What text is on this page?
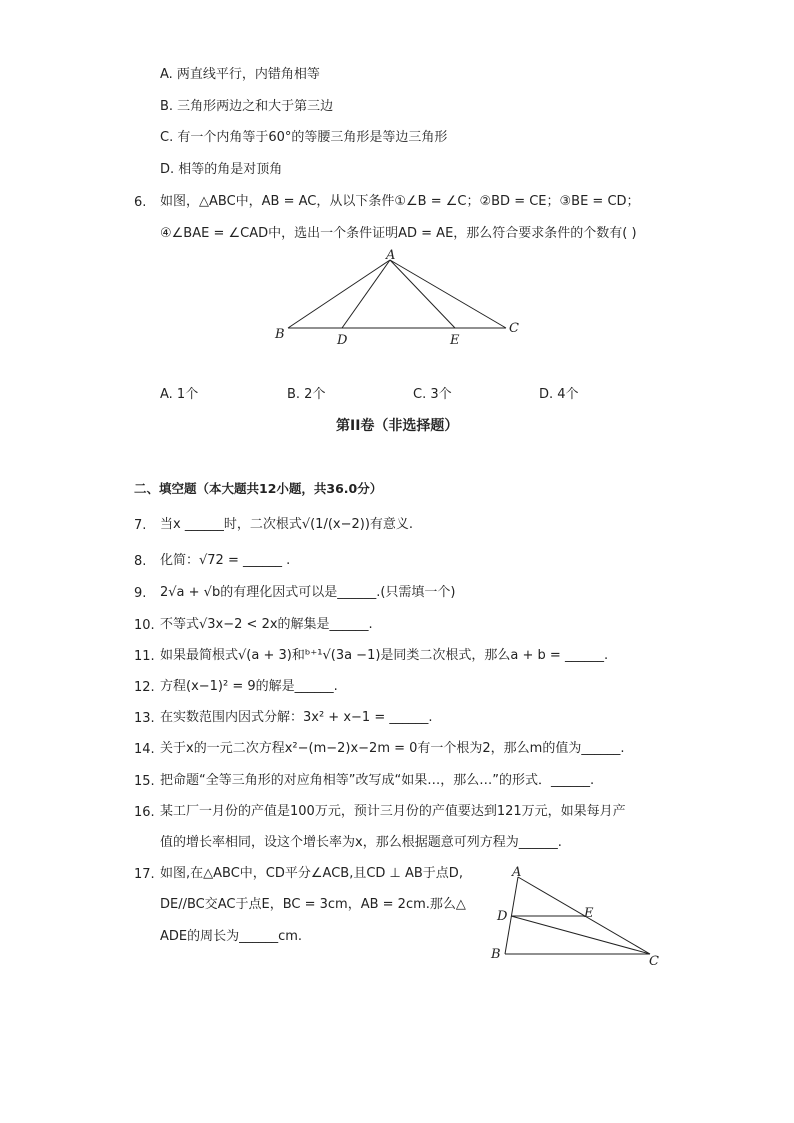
A. 两直线平行，内错角相等
B. 三角形两边之和大于第三边
C. 有一个内角等于60°的等腰三角形是等边三角形
D. 相等的角是对顶角
6. 如图，△ABC中，AB = AC，从以下条件①∠B = ∠C；②BD = CE；③BE = CD；
④∠BAE = ∠CAD中，选出一个条件证明AD = AE，那么符合要求条件的个数有( )
A
B	C
D	E
A. 1个	B. 2个	C. 3个	D. 4个
第II卷（非选择题）
二、填空题（本大题共12小题，共36.0分）
7. 当x ______时，二次根式√(1/(x−2))有意义.
8. 化简：√72 = ______ .
9. 2√a + √b的有理化因式可以是______.(只需填一个)
10. 不等式√3x−2 < 2x的解集是______.
11. 如果最简根式√(a + 3)和ᵇ⁺¹√(3a −1)是同类二次根式，那么a + b = ______.
12. 方程(x−1)² = 9的解是______.
13. 在实数范围内因式分解：3x² + x−1 = ______.
14. 关于x的一元二次方程x²−(m−2)x−2m = 0有一个根为2，那么m的值为______.
15. 把命题“全等三角形的对应角相等”改写成“如果…，那么…”的形式．______.
16. 某工厂一月份的产值是100万元，预计三月份的产值要达到121万元，如果每月产
值的增长率相同，设这个增长率为x，那么根据题意可列方程为______.
17. 如图,在△ABC中，CD平分∠ACB,且CD ⊥ AB于点D,
DE//BC交AC于点E，BC = 3cm，AB = 2cm.那么△
ADE的周长为______cm.
A
B	C
D	E
